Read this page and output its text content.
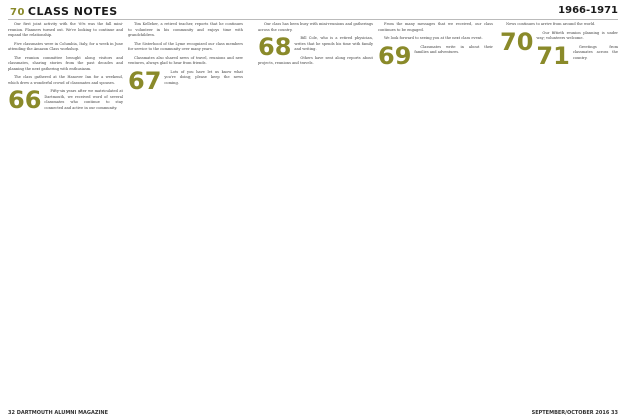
70 CLASS NOTES	1966-1971

Our first joint activity with the '69s was the fall mini-reunion. Planners turned out. We're looking to continue and expand the relationship.

Five classmates were in Columbia, Italy, for a week in June attending the Amazon Class workshop.

The reunion committee brought along visitors and classmates, sharing stories from the past decades and planning the next gathering with enthusiasm.

The class gathered at the Hanover Inn for a weekend, which drew a wonderful crowd of classmates and spouses.

66	Fifty-six years after we matriculated at Dartmouth, we received word of several classmates who continue to stay connected and active in our community.

Tim Kelleher, a retired teacher, reports that he continues to volunteer in his community and enjoys time with grandchildren.

The Sisterhood of the Lyme recognized our class members for service to the community over many years.

Classmates also shared news of travel, reunions and new ventures, always glad to hear from friends.

67	Lots of you have let us know what you're doing; please keep the news coming.

Our class has been busy with mini-reunions and gatherings across the country.

68	Bill Cole, who is a retired physician, writes that he spends his time with family and writing.

Others have sent along reports about projects, reunions and travels.

From the many messages that we received, our class continues to be engaged.

We look forward to seeing you at the next class event.

69	Classmates write in about their families and adventures.

News continues to arrive from around the world.

70	Our fiftieth reunion planning is under way; volunteers welcome.

71	Greetings from classmates across the country.

32 DARTMOUTH ALUMNI MAGAZINE	SEPTEMBER/OCTOBER 2016 33
